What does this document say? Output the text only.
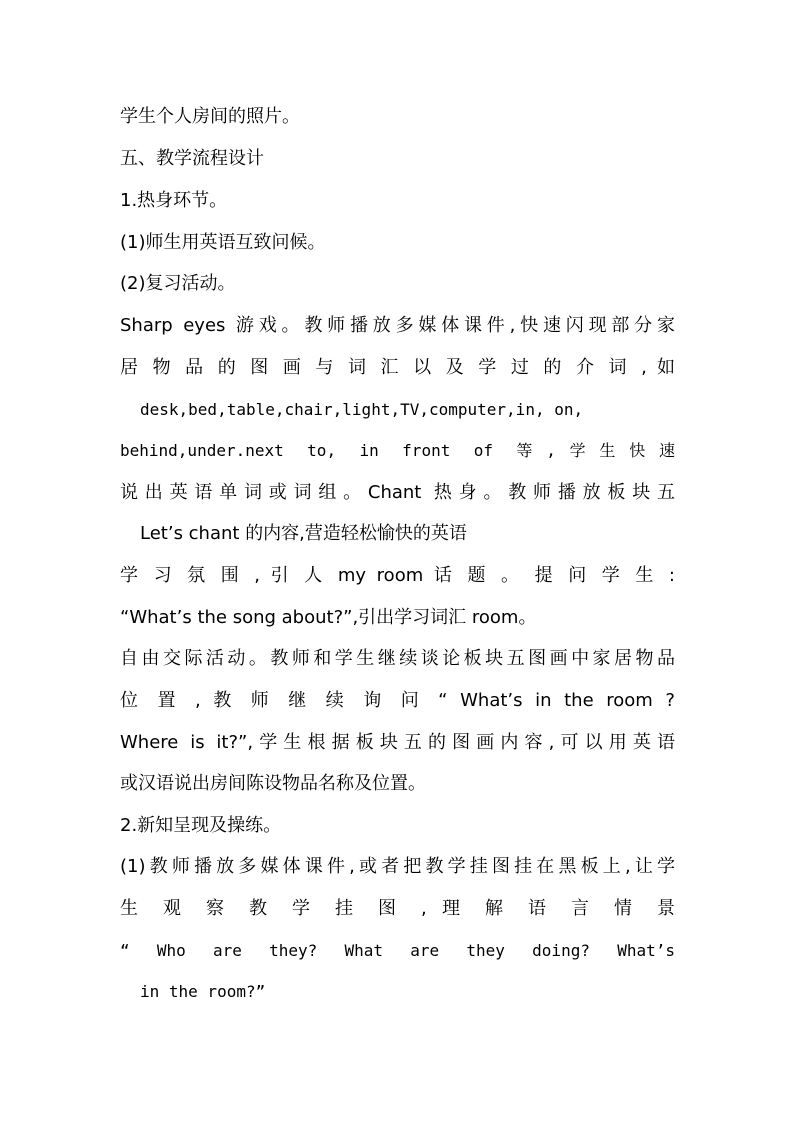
学生个人房间的照片。
五、教学流程设计
1.热身环节。
(1)师生用英语互致问候。
(2)复习活动。
Sharp eyes 游戏。教师播放多媒体课件,快速闪现部分家
居 物 品 的 图 画 与 词 汇 以 及 学 过 的 介 词 , 如
desk,bed,table,chair,light,TV,computer,in, on,
behind,under.next to, in front of 等,学生快速
说出英语单词或词组。Chant 热身。教师播放板块五
Let’s chant 的内容,营造轻松愉快的英语
学 习 氛 围 , 引 人 my room 话 题 。 提 问 学 生 :
“What’s the song about?”,引出学习词汇 room。
自由交际活动。教师和学生继续谈论板块五图画中家居物品
位 置 , 教 师 继 续 询 问 “ What’s in the room ?
Where is it?”,学生根据板块五的图画内容,可以用英语
或汉语说出房间陈设物品名称及位置。
2.新知呈现及操练。
(1)教师播放多媒体课件,或者把教学挂图挂在黑板上,让学
生 观 察 教 学 挂 图 , 理 解 语 言 情 景
“ Who are they? What are they doing? What’s
in the room?”
